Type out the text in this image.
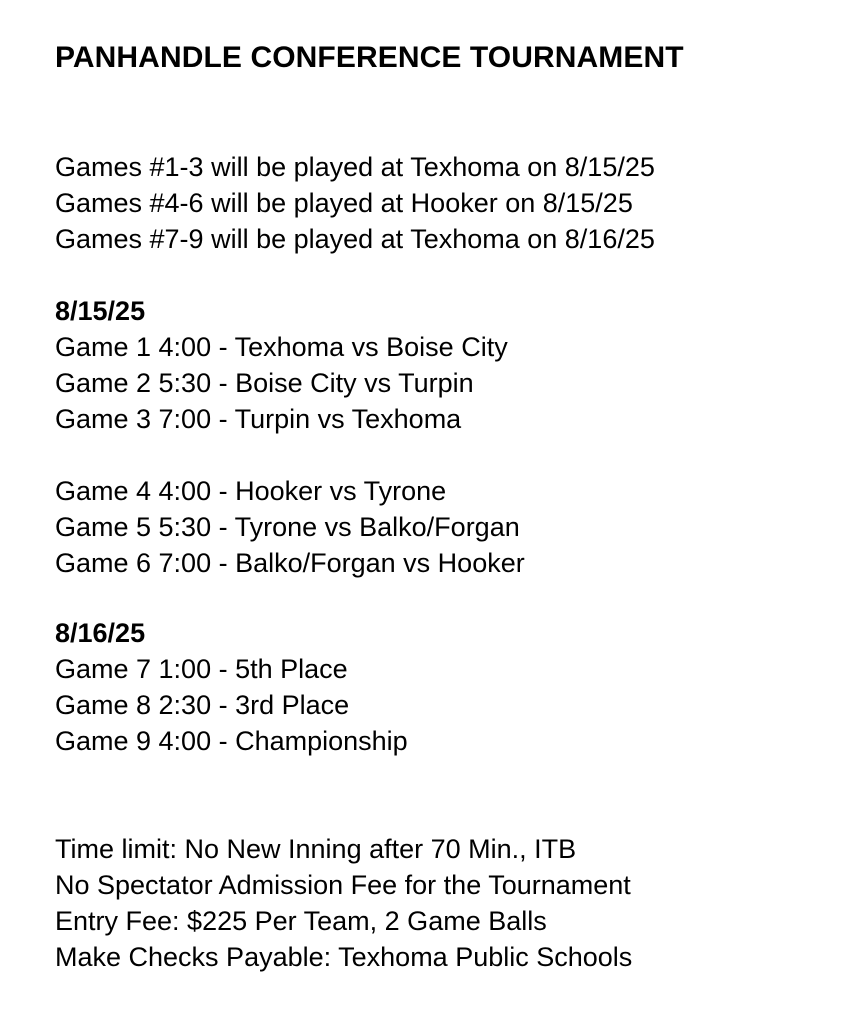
PANHANDLE CONFERENCE TOURNAMENT
Games #1-3 will be played at Texhoma on 8/15/25
Games #4-6 will be played at Hooker on 8/15/25
Games #7-9 will be played at Texhoma on 8/16/25
8/15/25
Game 1 4:00 - Texhoma vs Boise City
Game 2 5:30 - Boise City vs Turpin
Game 3 7:00 - Turpin vs Texhoma
Game 4 4:00 - Hooker vs Tyrone
Game 5 5:30 - Tyrone vs Balko/Forgan
Game 6 7:00 - Balko/Forgan vs Hooker
8/16/25
Game 7 1:00 - 5th Place
Game 8 2:30 - 3rd Place
Game 9 4:00 - Championship
Time limit: No New Inning after 70 Min., ITB
No Spectator Admission Fee for the Tournament
Entry Fee: $225 Per Team, 2 Game Balls
Make Checks Payable: Texhoma Public Schools
